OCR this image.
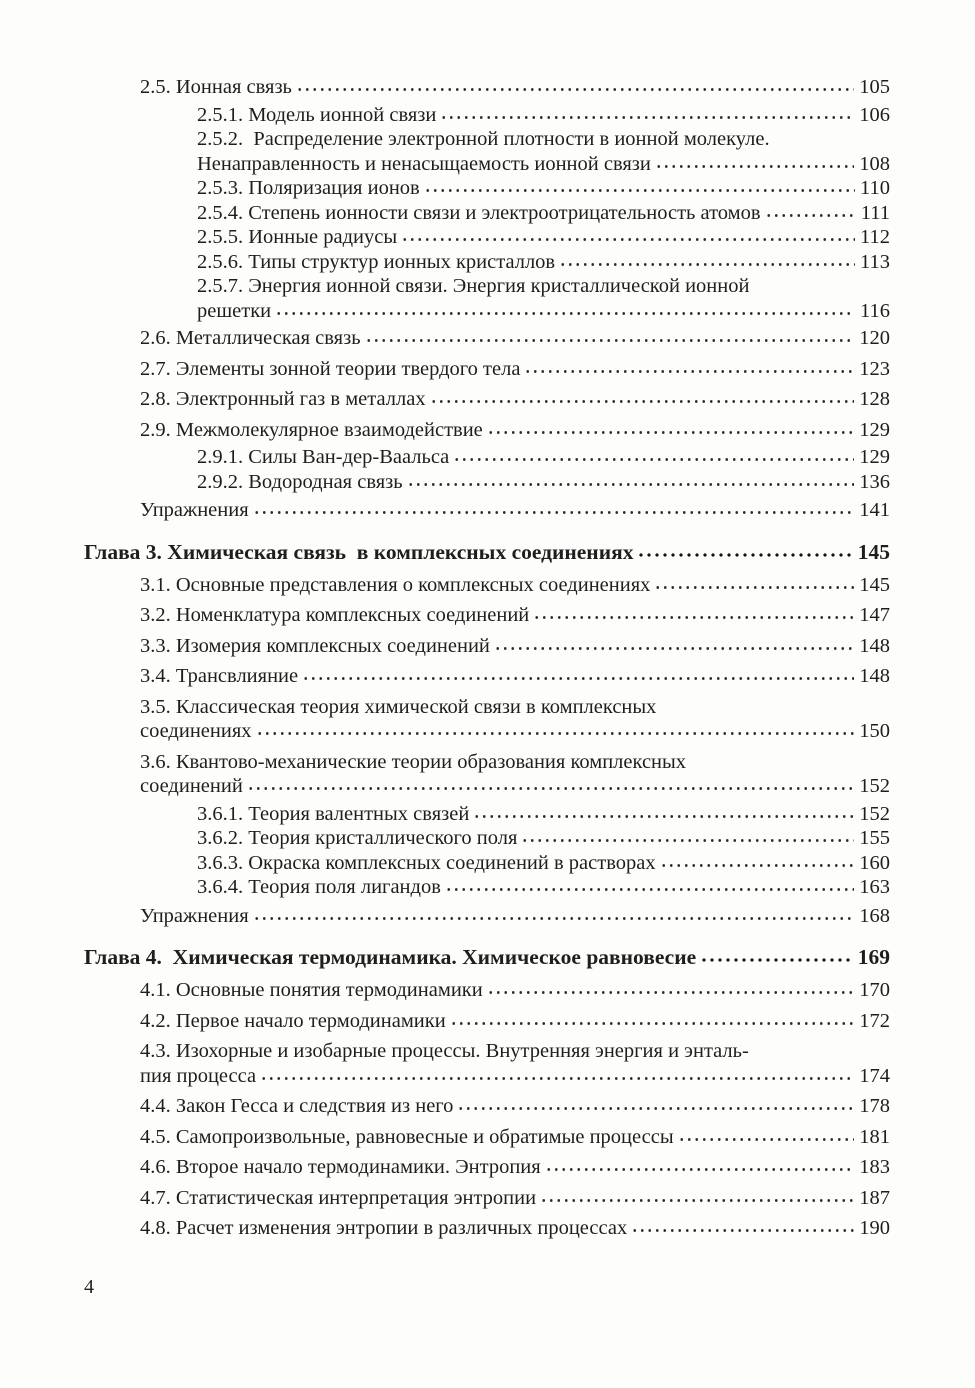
2.5. Ионная связь	105
2.5.1. Модель ионной связи	106
2.5.2.  Распределение электронной плотности в ионной молекуле.
Ненаправленность и ненасыщаемость ионной связи	108
2.5.3. Поляризация ионов	110
2.5.4. Степень ионности связи и электроотрицательность атомов	111
2.5.5. Ионные радиусы	112
2.5.6. Типы структур ионных кристаллов	113
2.5.7. Энергия ионной связи. Энергия кристаллической ионной
решетки	116
2.6. Металлическая связь	120
2.7. Элементы зонной теории твердого тела	123
2.8. Электронный газ в металлах	128
2.9. Межмолекулярное взаимодействие	129
2.9.1. Силы Ван-дер-Ваальса	129
2.9.2. Водородная связь	136
Упражнения	141
Глава 3. Химическая связь  в комплексных соединениях	145
3.1. Основные представления о комплексных соединениях	145
3.2. Номенклатура комплексных соединений	147
3.3. Изомерия комплексных соединений	148
3.4. Трансвлияние	148
3.5. Классическая теория химической связи в комплексных
соединениях	150
3.6. Квантово-механические теории образования комплексных
соединений	152
3.6.1. Теория валентных связей	152
3.6.2. Теория кристаллического поля	155
3.6.3. Окраска комплексных соединений в растворах	160
3.6.4. Теория поля лигандов	163
Упражнения	168
Глава 4.  Химическая термодинамика. Химическое равновесие	169
4.1. Основные понятия термодинамики	170
4.2. Первое начало термодинамики	172
4.3. Изохорные и изобарные процессы. Внутренняя энергия и энталь-
пия процесса	174
4.4. Закон Гесса и следствия из него	178
4.5. Самопроизвольные, равновесные и обратимые процессы	181
4.6. Второе начало термодинамики. Энтропия	183
4.7. Статистическая интерпретация энтропии	187
4.8. Расчет изменения энтропии в различных процессах	190
4
